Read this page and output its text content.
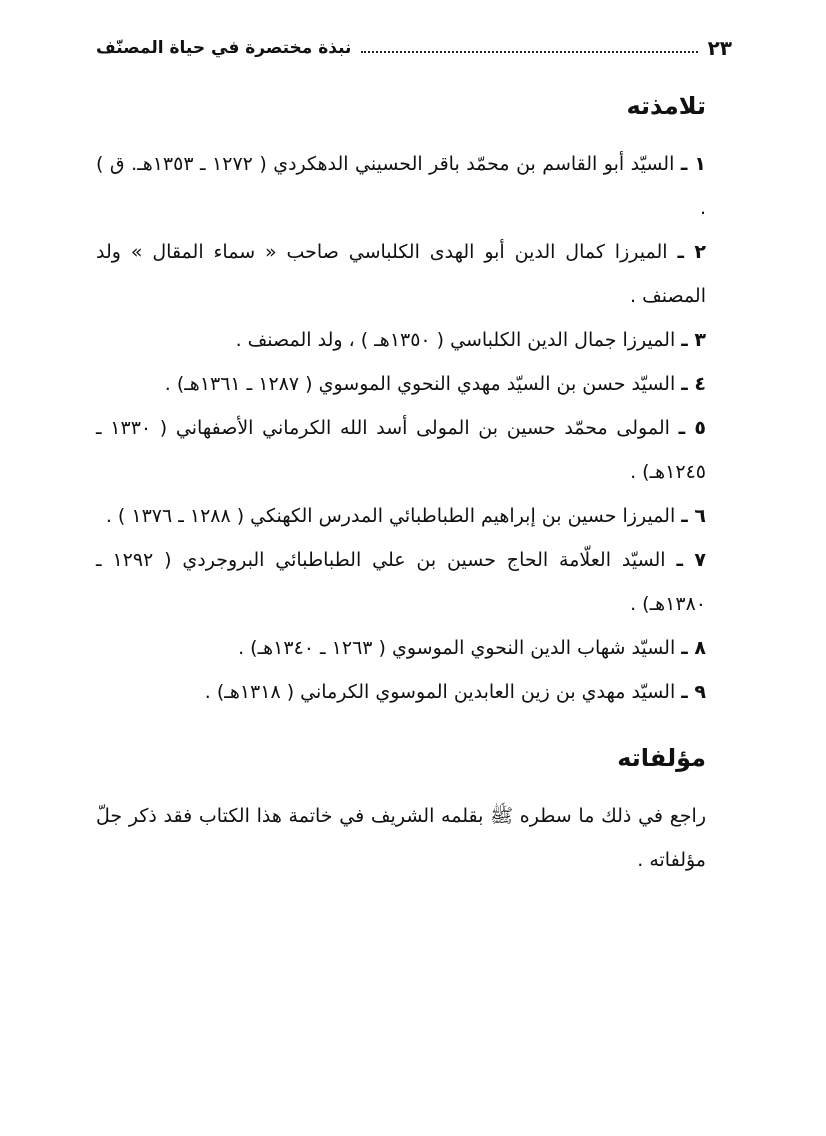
نبذة مختصرة في حياة المصنّف	٢٣
تلامذته
١ ـ السيّد أبو القاسم بن محمّد باقر الحسيني الدهكردي ( ١٢٧٢ ـ ١٣٥٣هـ. ق ) .
٢ ـ الميرزا كمال الدين أبو الهدى الكلباسي صاحب « سماء المقال » ولد المصنف .
٣ ـ الميرزا جمال الدين الكلباسي ( ١٣٥٠هـ ) ، ولد المصنف .
٤ ـ السيّد حسن بن السيّد مهدي النحوي الموسوي ( ١٢٨٧ ـ ١٣٦١هـ) .
٥ ـ المولى محمّد حسين بن المولى أسد الله الكرماني الأصفهاني ( ١٣٣٠ ـ ١٢٤٥هـ) .
٦ ـ الميرزا حسين بن إبراهيم الطباطبائي المدرس الكهنكي ( ١٢٨٨ ـ ١٣٧٦ ) .
٧ ـ السيّد العلّامة الحاج حسين بن علي الطباطبائي البروجردي ( ١٢٩٢ ـ ١٣٨٠هـ) .
٨ ـ السيّد شهاب الدين النحوي الموسوي ( ١٢٦٣ ـ ١٣٤٠هـ) .
٩ ـ السيّد مهدي بن زين العابدين الموسوي الكرماني ( ١٣١٨هـ) .
مؤلفاته

راجع في ذلك ما سطره ﷺ بقلمه الشريف في خاتمة هذا الكتاب فقد ذكر جلّ مؤلفاته .
